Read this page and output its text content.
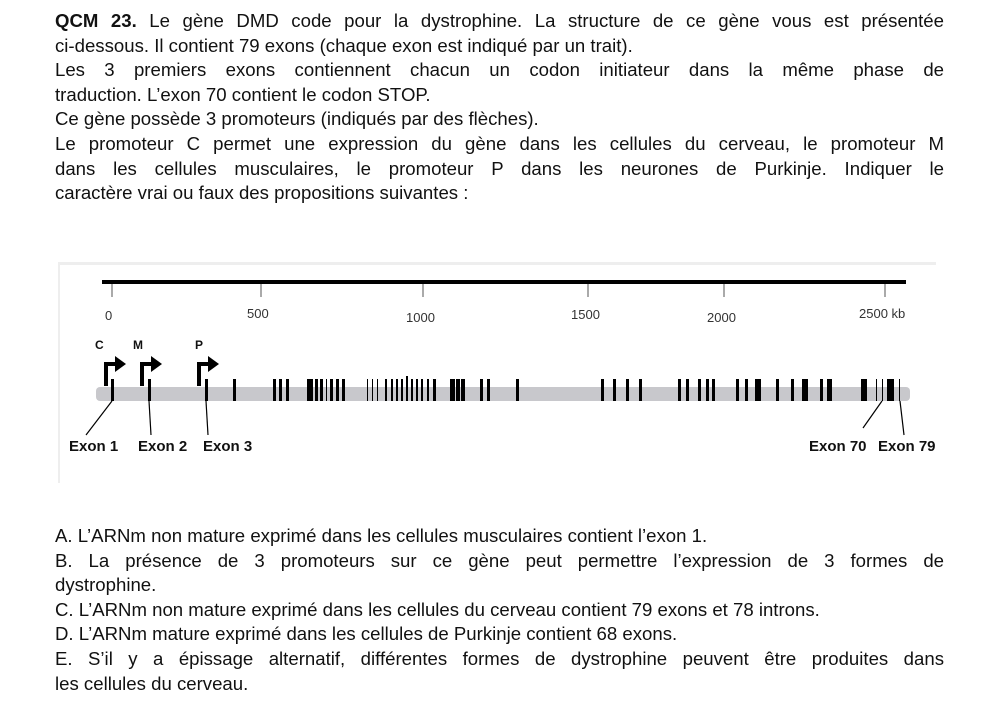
QCM 23. Le gène DMD code pour la dystrophine. La structure de ce gène vous est présentée
ci-dessous. Il contient 79 exons (chaque exon est indiqué par un trait).
Les 3 premiers exons contiennent chacun un codon initiateur dans la même phase de
traduction. L’exon 70 contient le codon STOP.
Ce gène possède 3 promoteurs (indiqués par des flèches).
Le promoteur C permet une expression du gène dans les cellules du cerveau, le promoteur M
dans les cellules musculaires, le promoteur P dans les neurones de Purkinje. Indiquer le
caractère vrai ou faux des propositions suivantes :
0	500	1000	1500	2000	2500 kb
C M	P
Exon 1 Exon 2 Exon 3	Exon 70 Exon 79
A. L’ARNm non mature exprimé dans les cellules musculaires contient l’exon 1.
B. La présence de 3 promoteurs sur ce gène peut permettre l’expression de 3 formes de
dystrophine.
C. L’ARNm non mature exprimé dans les cellules du cerveau contient 79 exons et 78 introns.
D. L’ARNm mature exprimé dans les cellules de Purkinje contient 68 exons.
E. S’il y a épissage alternatif, différentes formes de dystrophine peuvent être produites dans
les cellules du cerveau.
